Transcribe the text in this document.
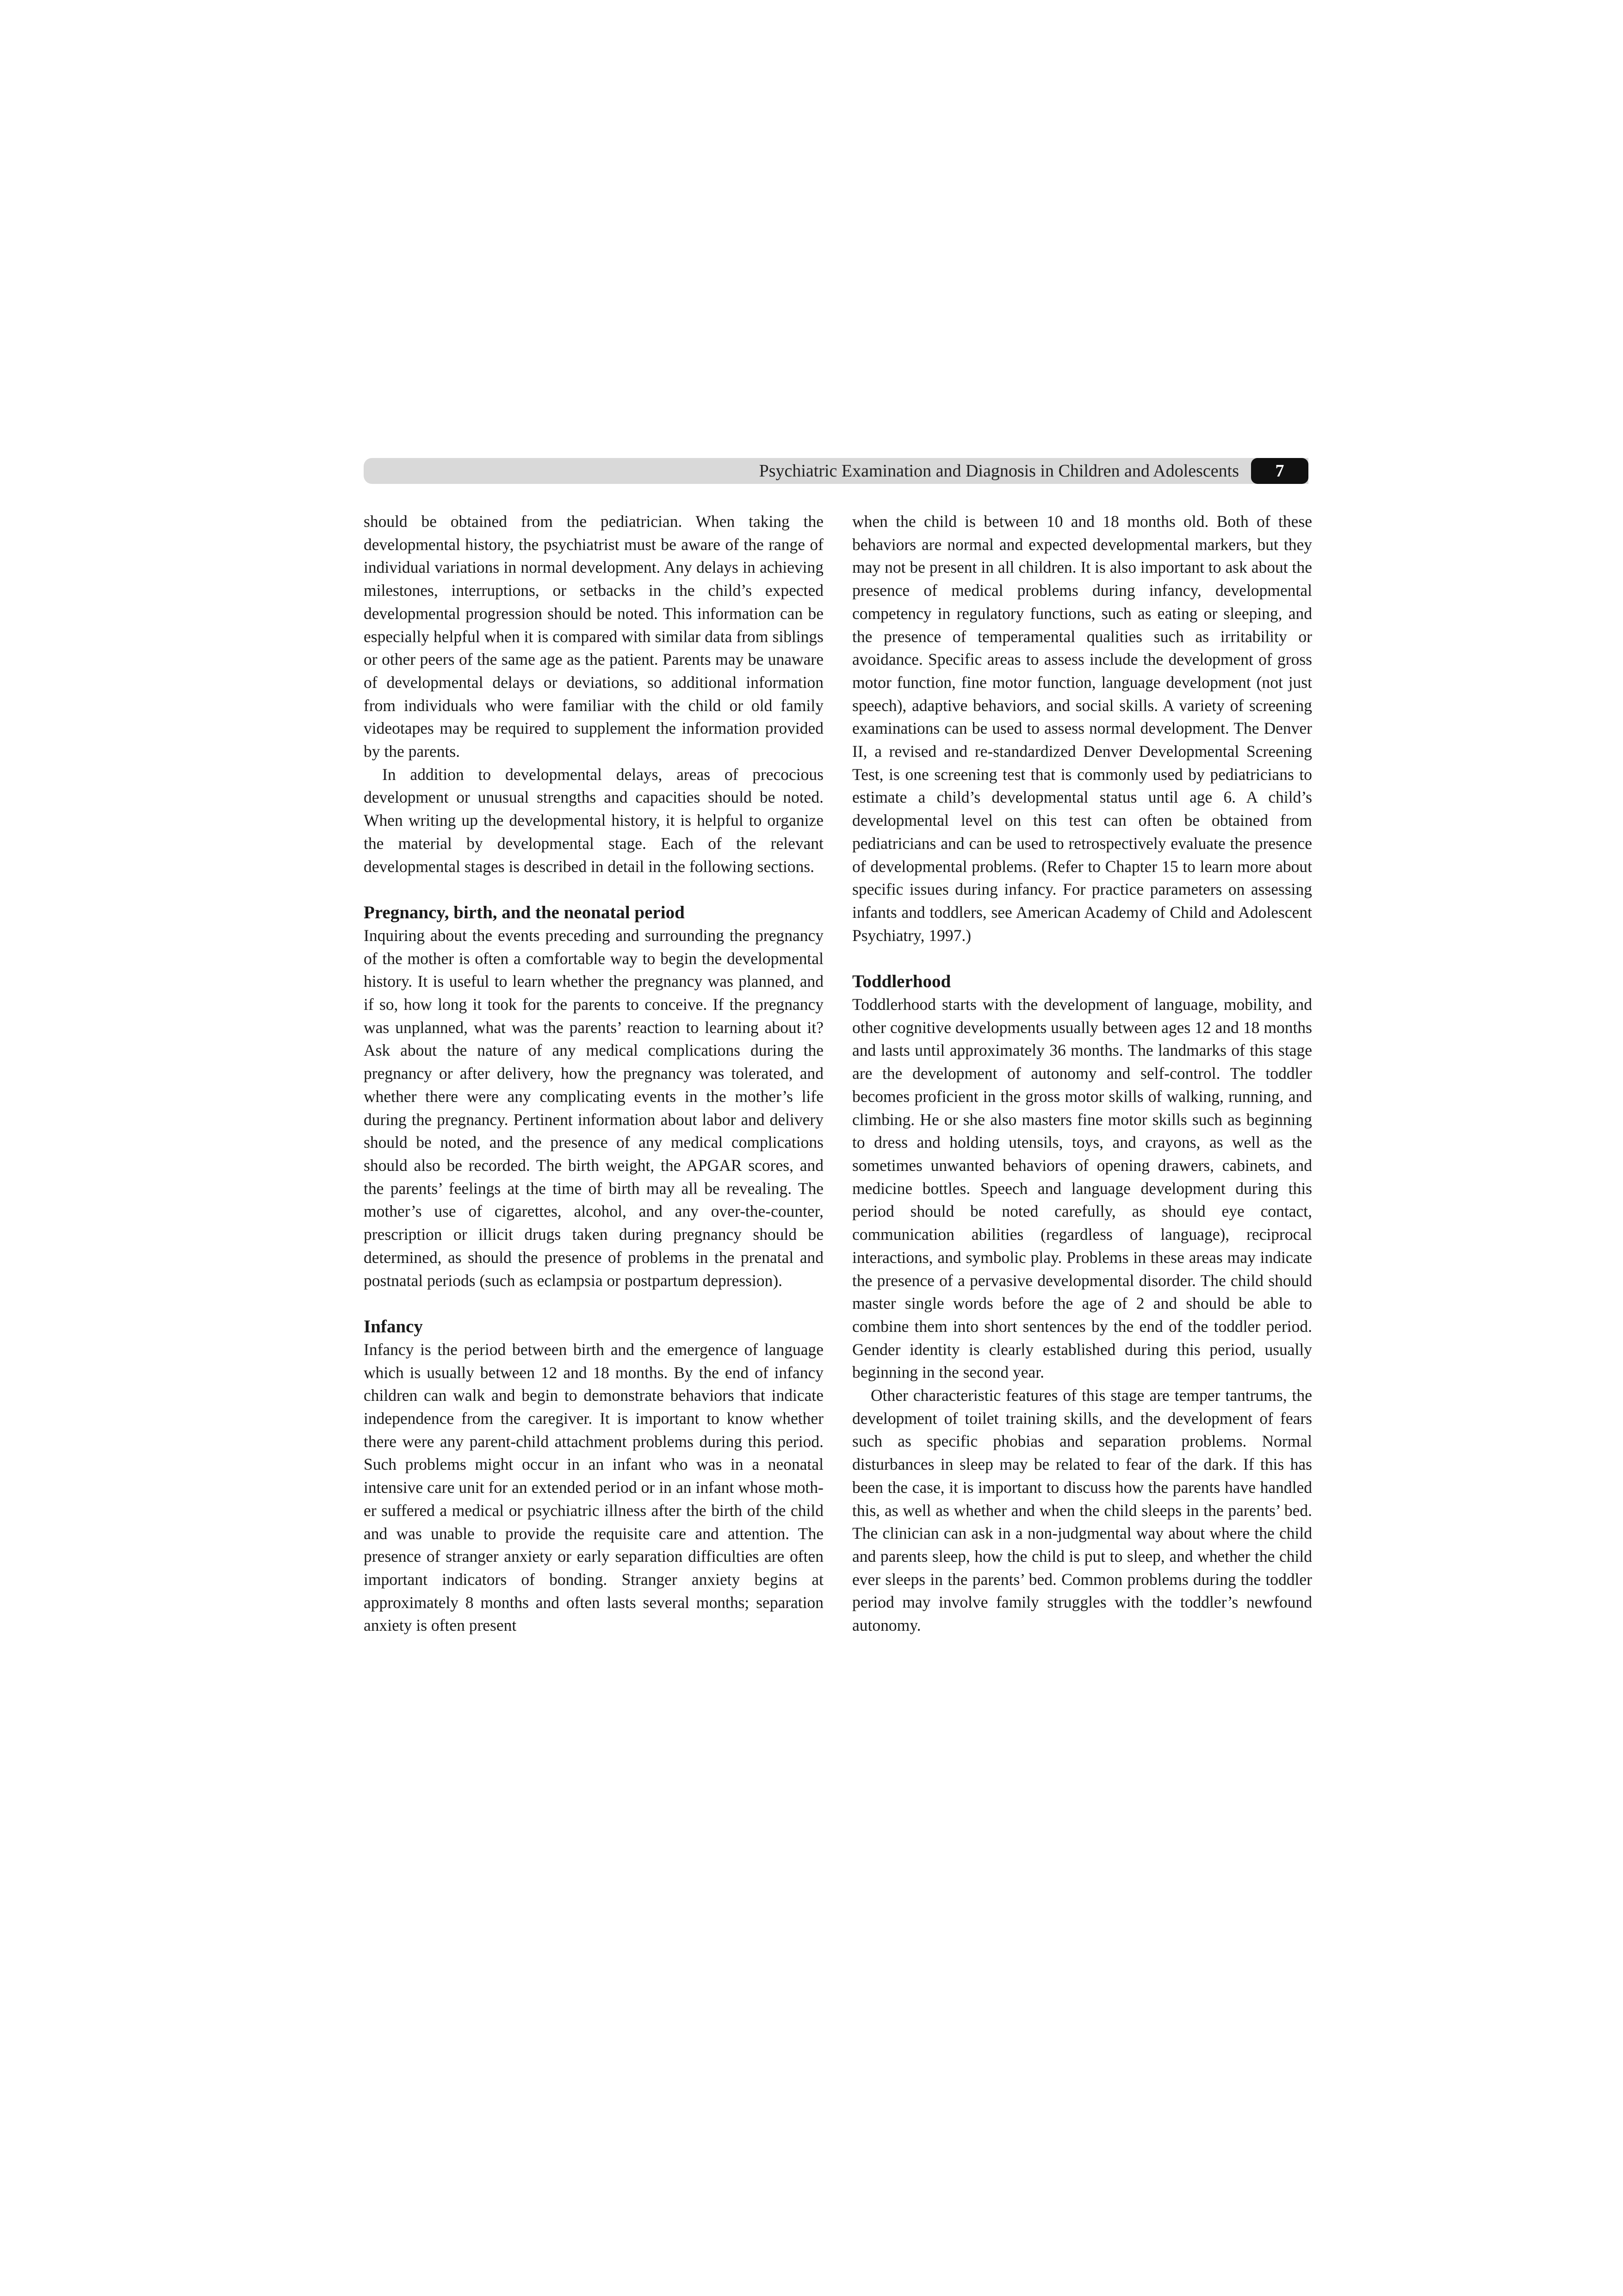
Psychiatric Examination and Diagnosis in Children and Adolescents	7

should be obtained from the pediatrician. When taking the developmental history, the psychiatrist must be aware of the range of individual variations in normal development. Any delays in achieving milestones, interruptions, or setbacks in the child’s expected developmental progression should be noted. This information can be especially helpful when it is compared with similar data from siblings or other peers of the same age as the patient. Parents may be unaware of developmental delays or deviations, so additional information from individuals who were familiar with the child or old family videotapes may be required to supplement the information provided by the parents.

In addition to developmental delays, areas of precocious development or unusual strengths and capacities should be noted. When writing up the developmental history, it is helpful to organize the material by developmental stage. Each of the relevant developmental stages is described in detail in the following sections.

Pregnancy, birth, and the neonatal period

Inquiring about the events preceding and surrounding the pregnancy of the mother is often a comfortable way to begin the developmental history. It is useful to learn whether the pregnancy was planned, and if so, how long it took for the parents to conceive. If the pregnancy was unplanned, what was the parents’ reaction to learning about it? Ask about the nature of any medical complications during the pregnancy or after delivery, how the pregnancy was tolerated, and whether there were any complicating events in the mother’s life during the pregnancy. Pertinent information about labor and delivery should be noted, and the presence of any medical complications should also be recorded. The birth weight, the APGAR scores, and the parents’ feelings at the time of birth may all be revealing. The mother’s use of cigarettes, alcohol, and any over-the-counter, prescription or illicit drugs taken during pregnancy should be determined, as should the presence of problems in the prenatal and postnatal periods (such as eclampsia or postpartum depression).

Infancy

Infancy is the period between birth and the emergence of language which is usually between 12 and 18 months. By the end of infancy children can walk and begin to demonstrate behaviors that indicate independence from the caregiver. It is important to know whether there were any parent-child attachment problems during this period. Such problems might occur in an infant who was in a neonatal intensive care unit for an extended period or in an infant whose mother suffered a medical or psychiatric illness after the birth of the child and was unable to provide the requisite care and attention. The presence of stranger anxiety or early separation difficulties are often important indicators of bonding. Stranger anxiety begins at approximately 8 months and often lasts several months; separation anxiety is often present

when the child is between 10 and 18 months old. Both of these behaviors are normal and expected developmental markers, but they may not be present in all children. It is also important to ask about the presence of medical problems during infancy, developmental competency in regulatory functions, such as eating or sleeping, and the presence of temperamental qualities such as irritability or avoidance. Specific areas to assess include the development of gross motor function, fine motor function, language development (not just speech), adaptive behaviors, and social skills. A variety of screening examinations can be used to assess normal development. The Denver II, a revised and re-standardized Denver Developmental Screening Test, is one screening test that is commonly used by pediatricians to estimate a child’s developmental status until age 6. A child’s developmental level on this test can often be obtained from pediatricians and can be used to retrospectively evaluate the presence of developmental problems. (Refer to Chapter 15 to learn more about specific issues during infancy. For practice parameters on assessing infants and toddlers, see American Academy of Child and Adolescent Psychiatry, 1997.)

Toddlerhood

Toddlerhood starts with the development of language, mobility, and other cognitive developments usually between ages 12 and 18 months and lasts until approximately 36 months. The landmarks of this stage are the development of autonomy and self-control. The toddler becomes proficient in the gross motor skills of walking, running, and climbing. He or she also masters fine motor skills such as beginning to dress and holding utensils, toys, and crayons, as well as the sometimes unwanted behaviors of opening drawers, cabinets, and medicine bottles. Speech and language development during this period should be noted carefully, as should eye contact, communication abilities (regardless of language), reciprocal interactions, and symbolic play. Problems in these areas may indicate the presence of a pervasive developmental disorder. The child should master single words before the age of 2 and should be able to combine them into short sentences by the end of the toddler period. Gender identity is clearly established during this period, usually beginning in the second year.

Other characteristic features of this stage are temper tantrums, the development of toilet training skills, and the development of fears such as specific phobias and separation problems. Normal disturbances in sleep may be related to fear of the dark. If this has been the case, it is important to discuss how the parents have handled this, as well as whether and when the child sleeps in the parents’ bed. The clinician can ask in a non-judgmental way about where the child and parents sleep, how the child is put to sleep, and whether the child ever sleeps in the parents’ bed. Common problems during the toddler period may involve family struggles with the toddler’s newfound autonomy.
